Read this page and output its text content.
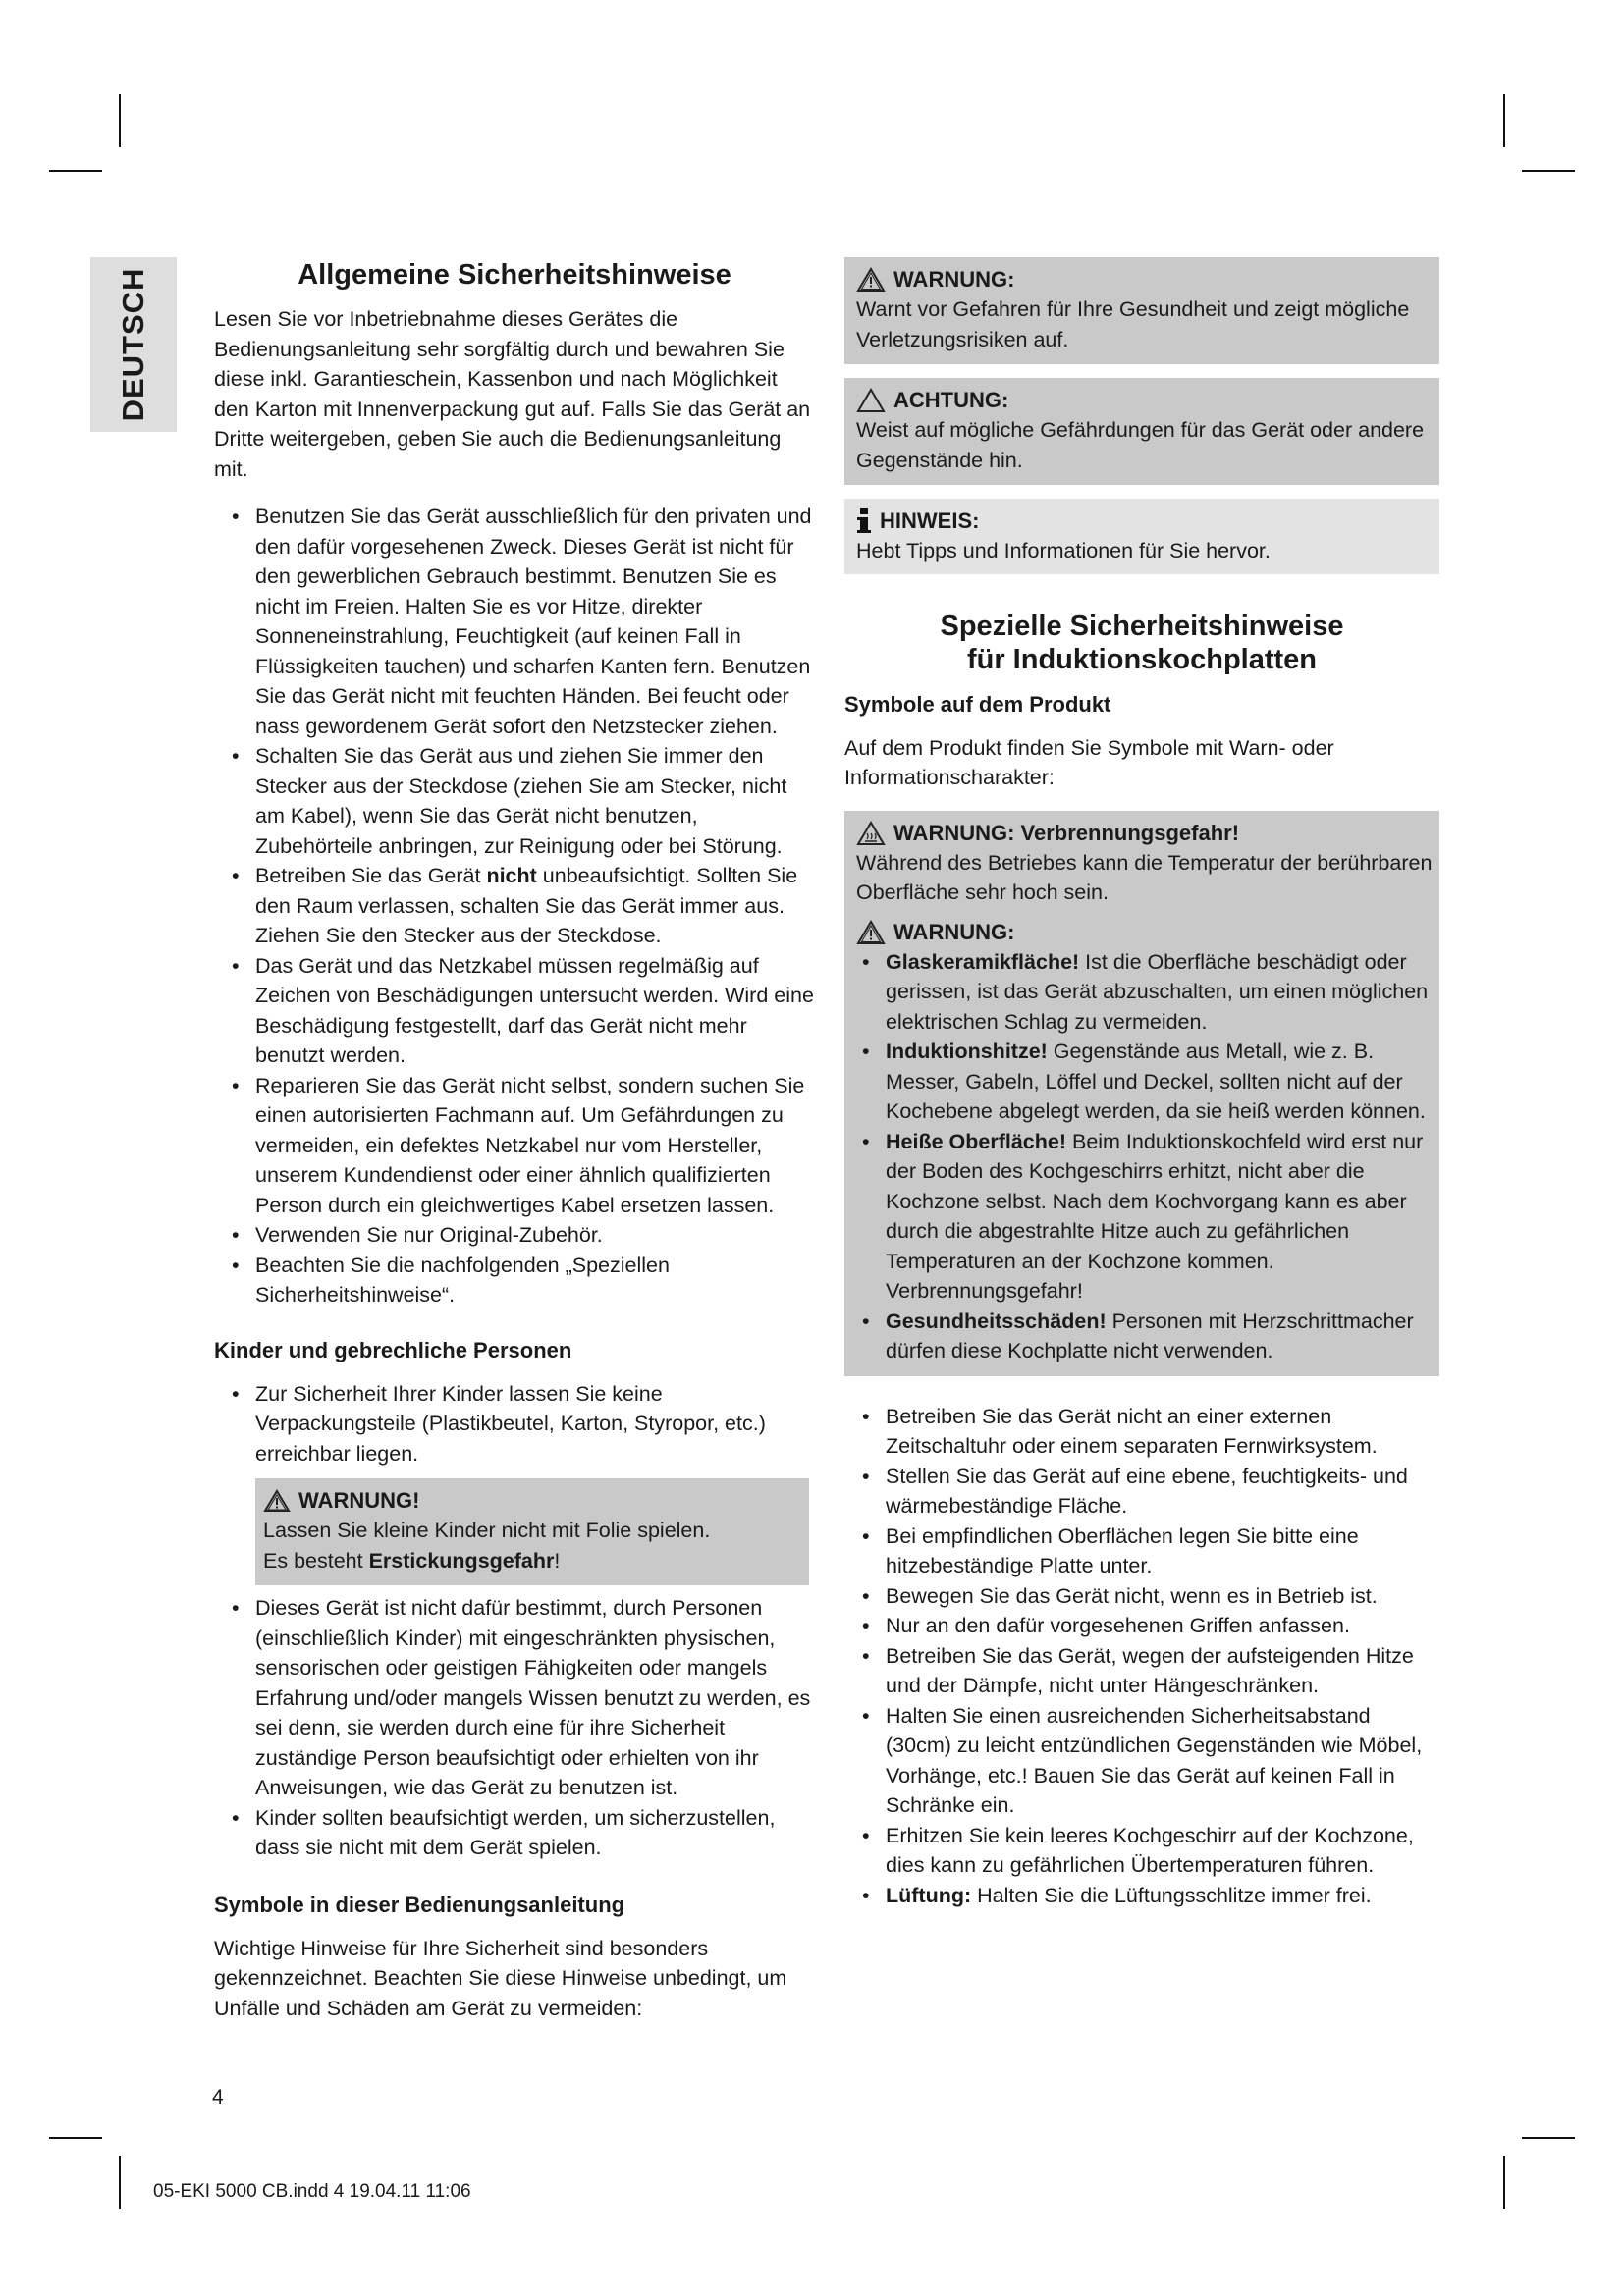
DEUTSCH	Allgemeine Sicherheitshinweise

Lesen Sie vor Inbetriebnahme dieses Gerätes die Bedienungsanleitung sehr sorgfältig durch und bewahren Sie diese inkl. Garantieschein, Kassenbon und nach Möglichkeit den Karton mit Innenverpackung gut auf. Falls Sie das Gerät an Dritte weitergeben, geben Sie auch die Bedienungsanleitung mit.

• Benutzen Sie das Gerät ausschließlich für den privaten und den dafür vorgesehenen Zweck. Dieses Gerät ist nicht für den gewerblichen Gebrauch bestimmt. Benutzen Sie es nicht im Freien. Halten Sie es vor Hitze, direkter Sonneneinstrahlung, Feuchtigkeit (auf keinen Fall in Flüssigkeiten tauchen) und scharfen Kanten fern. Benutzen Sie das Gerät nicht mit feuchten Händen. Bei feucht oder nass gewordenem Gerät sofort den Netzstecker ziehen.
• Schalten Sie das Gerät aus und ziehen Sie immer den Stecker aus der Steckdose (ziehen Sie am Stecker, nicht am Kabel), wenn Sie das Gerät nicht benutzen, Zubehörteile anbringen, zur Reinigung oder bei Störung.
• Betreiben Sie das Gerät nicht unbeaufsichtigt. Sollten Sie den Raum verlassen, schalten Sie das Gerät immer aus. Ziehen Sie den Stecker aus der Steckdose.
• Das Gerät und das Netzkabel müssen regelmäßig auf Zeichen von Beschädigungen untersucht werden. Wird eine Beschädigung festgestellt, darf das Gerät nicht mehr benutzt werden.
• Reparieren Sie das Gerät nicht selbst, sondern suchen Sie einen autorisierten Fachmann auf. Um Gefährdungen zu vermeiden, ein defektes Netzkabel nur vom Hersteller, unserem Kundendienst oder einer ähnlich qualifizierten Person durch ein gleichwertiges Kabel ersetzen lassen.
• Verwenden Sie nur Original-Zubehör.
• Beachten Sie die nachfolgenden „Speziellen Sicherheitshinweise“.
Kinder und gebrechliche Personen
• Zur Sicherheit Ihrer Kinder lassen Sie keine Verpackungsteile (Plastikbeutel, Karton, Styropor, etc.) erreichbar liegen.
WARNUNG!
Lassen Sie kleine Kinder nicht mit Folie spielen.
Es besteht Erstickungsgefahr!
• Dieses Gerät ist nicht dafür bestimmt, durch Personen (einschließlich Kinder) mit eingeschränkten physischen, sensorischen oder geistigen Fähigkeiten oder mangels Erfahrung und/oder mangels Wissen benutzt zu werden, es sei denn, sie werden durch eine für ihre Sicherheit zuständige Person beaufsichtigt oder erhielten von ihr Anweisungen, wie das Gerät zu benutzen ist.
• Kinder sollten beaufsichtigt werden, um sicherzustellen, dass sie nicht mit dem Gerät spielen.
Symbole in dieser Bedienungsanleitung

Wichtige Hinweise für Ihre Sicherheit sind besonders gekennzeichnet. Beachten Sie diese Hinweise unbedingt, um Unfälle und Schäden am Gerät zu vermeiden:

WARNUNG:
Warnt vor Gefahren für Ihre Gesundheit und zeigt mögliche Verletzungsrisiken auf.
ACHTUNG:
Weist auf mögliche Gefährdungen für das Gerät oder andere Gegenstände hin.
HINWEIS:
Hebt Tipps und Informationen für Sie hervor.
Spezielle Sicherheitshinweise
für Induktionskochplatten
Symbole auf dem Produkt

Auf dem Produkt finden Sie Symbole mit Warn- oder Informationscharakter:

WARNUNG: Verbrennungsgefahr!
Während des Betriebes kann die Temperatur der berührbaren Oberfläche sehr hoch sein.
WARNUNG:
• Glaskeramikfläche! Ist die Oberfläche beschädigt oder gerissen, ist das Gerät abzuschalten, um einen möglichen elektrischen Schlag zu vermeiden.
• Induktionshitze! Gegenstände aus Metall, wie z. B. Messer, Gabeln, Löffel und Deckel, sollten nicht auf der Kochebene abgelegt werden, da sie heiß werden können.
• Heiße Oberfläche! Beim Induktionskochfeld wird erst nur der Boden des Kochgeschirrs erhitzt, nicht aber die Kochzone selbst. Nach dem Kochvorgang kann es aber durch die abgestrahlte Hitze auch zu gefährlichen Temperaturen an der Kochzone kommen. Verbrennungsgefahr!
• Gesundheitsschäden! Personen mit Herzschrittmacher dürfen diese Kochplatte nicht verwenden.
• Betreiben Sie das Gerät nicht an einer externen Zeitschaltuhr oder einem separaten Fernwirksystem.
• Stellen Sie das Gerät auf eine ebene, feuchtigkeits- und wärmebeständige Fläche.
• Bei empfindlichen Oberflächen legen Sie bitte eine hitzebeständige Platte unter.
• Bewegen Sie das Gerät nicht, wenn es in Betrieb ist.
• Nur an den dafür vorgesehenen Griffen anfassen.
• Betreiben Sie das Gerät, wegen der aufsteigenden Hitze und der Dämpfe, nicht unter Hängeschränken.
• Halten Sie einen ausreichenden Sicherheitsabstand (30cm) zu leicht entzündlichen Gegenständen wie Möbel, Vorhänge, etc.! Bauen Sie das Gerät auf keinen Fall in Schränke ein.
• Erhitzen Sie kein leeres Kochgeschirr auf der Kochzone, dies kann zu gefährlichen Übertemperaturen führen.
• Lüftung: Halten Sie die Lüftungsschlitze immer frei.
4
05-EKI 5000 CB.indd 4 19.04.11 11:06
